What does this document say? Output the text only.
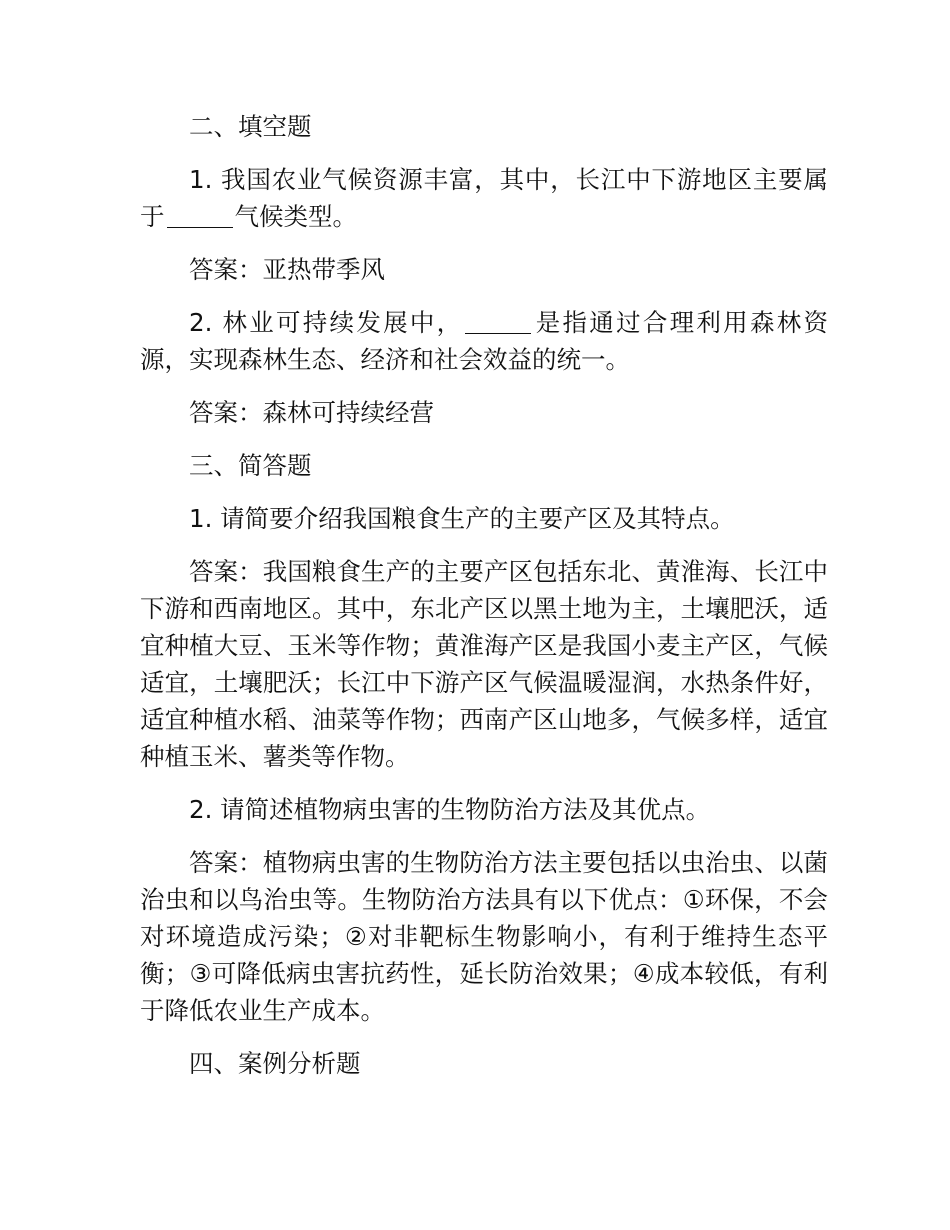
二、填空题

1. 我国农业气候资源丰富，其中，长江中下游地区主要属于	气候类型。

答案：亚热带季风

2. 林业可持续发展中，	是指通过合理利用森林资源，实现森林生态、经济和社会效益的统一。

答案：森林可持续经营

三、简答题

1. 请简要介绍我国粮食生产的主要产区及其特点。

答案：我国粮食生产的主要产区包括东北、黄淮海、长江中下游和西南地区。其中，东北产区以黑土地为主，土壤肥沃，适宜种植大豆、玉米等作物；黄淮海产区是我国小麦主产区，气候适宜，土壤肥沃；长江中下游产区气候温暖湿润，水热条件好，适宜种植水稻、油菜等作物；西南产区山地多，气候多样，适宜种植玉米、薯类等作物。

2. 请简述植物病虫害的生物防治方法及其优点。

答案：植物病虫害的生物防治方法主要包括以虫治虫、以菌治虫和以鸟治虫等。生物防治方法具有以下优点：①环保，不会对环境造成污染；②对非靶标生物影响小，有利于维持生态平衡；③可降低病虫害抗药性，延长防治效果；④成本较低，有利于降低农业生产成本。

四、案例分析题
